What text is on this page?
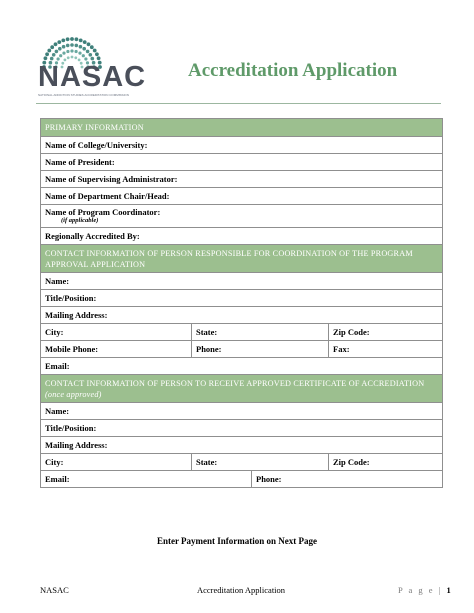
NASAC
NATIONAL ADDICTION STUDIES ACCREDITATION COMMISSION
Accreditation Application
PRIMARY INFORMATION			
Name of College/University:			
Name of President:			
Name of Supervising Administrator:			
Name of Department Chair/Head:			
Name of Program Coordinator:
(if applicable)			

Regionally Accredited By:			
CONTACT INFORMATION OF PERSON RESPONSIBLE FOR COORDINATION OF THE PROGRAM APPROVAL APPLICATION			
Name:			
Title/Position:			
Mailing Address:			
City:	State:		Zip Code:
Mobile Phone:	Phone:		Fax:
Email:			
CONTACT INFORMATION OF PERSON TO RECEIVE APPROVED CERTIFICATE OF ACCREDIATION (once approved)			
Name:			
Title/Position:			
Mailing Address:			
City:	State:		Zip Code:
Email:		Phone:	
Enter Payment Information on Next Page
NASAC	Accreditation Application	P a g e | 1
